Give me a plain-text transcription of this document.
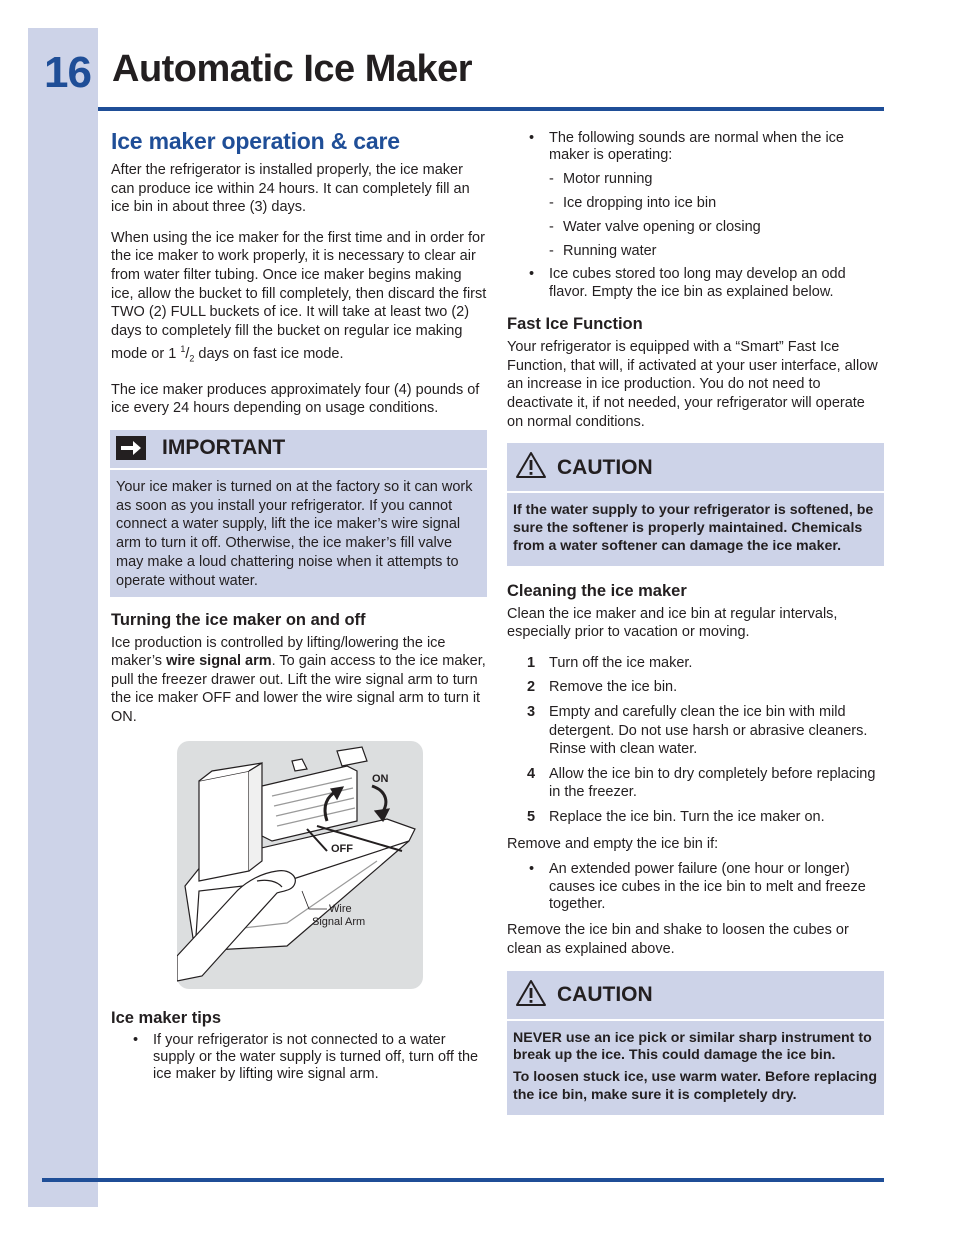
16 Automatic Ice Maker
Ice maker operation & care

After the refrigerator is installed properly, the ice maker can produce ice within 24 hours. It can completely fill an ice bin in about three (3) days.

When using the ice maker for the first time and in order for the ice maker to work properly, it is necessary to clear air from water filter tubing. Once ice maker begins making ice, allow the bucket to fill completely, then discard the first TWO (2) FULL buckets of ice. It will take at least two (2) days to completely fill the bucket on regular ice making mode or 1 $^1/_2$ days on fast ice mode.

The ice maker produces approximately four (4) pounds of ice every 24 hours depending on usage conditions.

IMPORTANT
Your ice maker is turned on at the factory so it can work as soon as you install your refrigerator. If you cannot connect a water supply, lift the ice maker’s wire signal arm to turn it off. Otherwise, the ice maker’s fill valve may make a loud chattering noise when it attempts to operate without water.
Turning the ice maker on and off

Ice production is controlled by lifting/lowering the ice maker’s wire signal arm. To gain access to the ice maker, pull the freezer drawer out. Lift the wire signal arm to turn the ice maker OFF and lower the wire signal arm to turn it ON.

ON
OFF
Wire
Signal Arm
Ice maker tips
• If your refrigerator is not connected to a water supply or the water supply is turned off, turn off the ice maker by lifting wire signal arm.
• The following sounds are normal when the ice maker is operating:
- Motor running
- Ice dropping into ice bin
- Water valve opening or closing
- Running water
• Ice cubes stored too long may develop an odd flavor. Empty the ice bin as explained below.
Fast Ice Function

Your refrigerator is equipped with a “Smart” Fast Ice Function, that will, if activated at your user interface, allow an increase in ice production. You do not need to deactivate it, if not needed, your refrigerator will operate on normal conditions.

CAUTION

If the water supply to your refrigerator is softened, be sure the softener is properly maintained. Chemicals from a water softener can damage the ice maker.

Cleaning the ice maker

Clean the ice maker and ice bin at regular intervals, especially prior to vacation or moving.

1 Turn off the ice maker.
2 Remove the ice bin.
3 Empty and carefully clean the ice bin with mild detergent. Do not use harsh or abrasive cleaners. Rinse with clean water.
4 Allow the ice bin to dry completely before replacing in the freezer.
5 Replace the ice bin. Turn the ice maker on.

Remove and empty the ice bin if:

• An extended power failure (one hour or longer) causes ice cubes in the ice bin to melt and freeze together.

Remove the ice bin and shake to loosen the cubes or clean as explained above.

CAUTION

NEVER use an ice pick or similar sharp instrument to break up the ice. This could damage the ice bin.

To loosen stuck ice, use warm water. Before replacing the ice bin, make sure it is completely dry.
